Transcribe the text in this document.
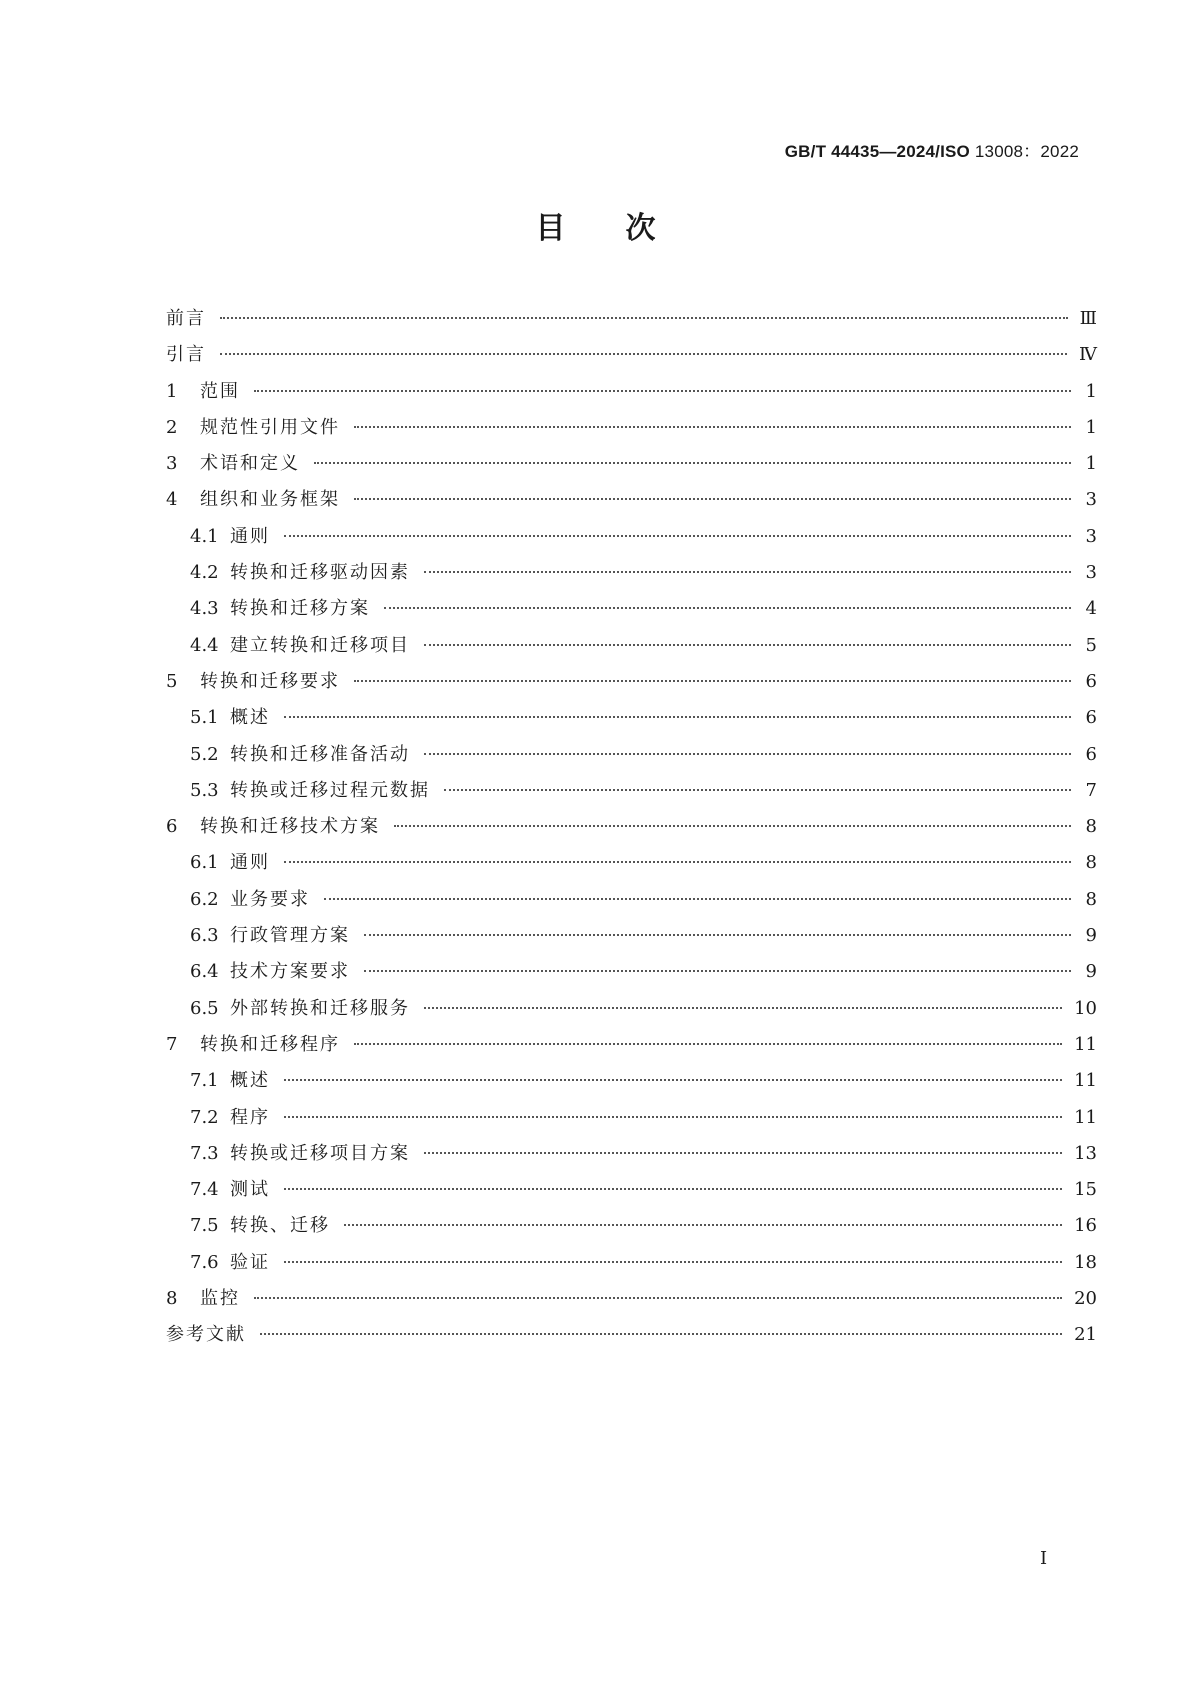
GB/T 44435—2024/ISO 13008：2022
目次
前言	Ⅲ
引言	Ⅳ
1	范围	1
2	规范性引用文件	1
3	术语和定义	1
4	组织和业务框架	3
4.1 通则	3
4.2 转换和迁移驱动因素	3
4.3 转换和迁移方案	4
4.4 建立转换和迁移项目	5
5	转换和迁移要求	6
5.1 概述	6
5.2 转换和迁移准备活动	6
5.3 转换或迁移过程元数据	7
6	转换和迁移技术方案	8
6.1 通则	8
6.2 业务要求	8
6.3 行政管理方案	9
6.4 技术方案要求	9
6.5 外部转换和迁移服务	10
7	转换和迁移程序	11
7.1 概述	11
7.2 程序	11
7.3 转换或迁移项目方案	13
7.4 测试	15
7.5 转换、迁移	16
7.6 验证	18
8	监控	20
参考文献	21
I
